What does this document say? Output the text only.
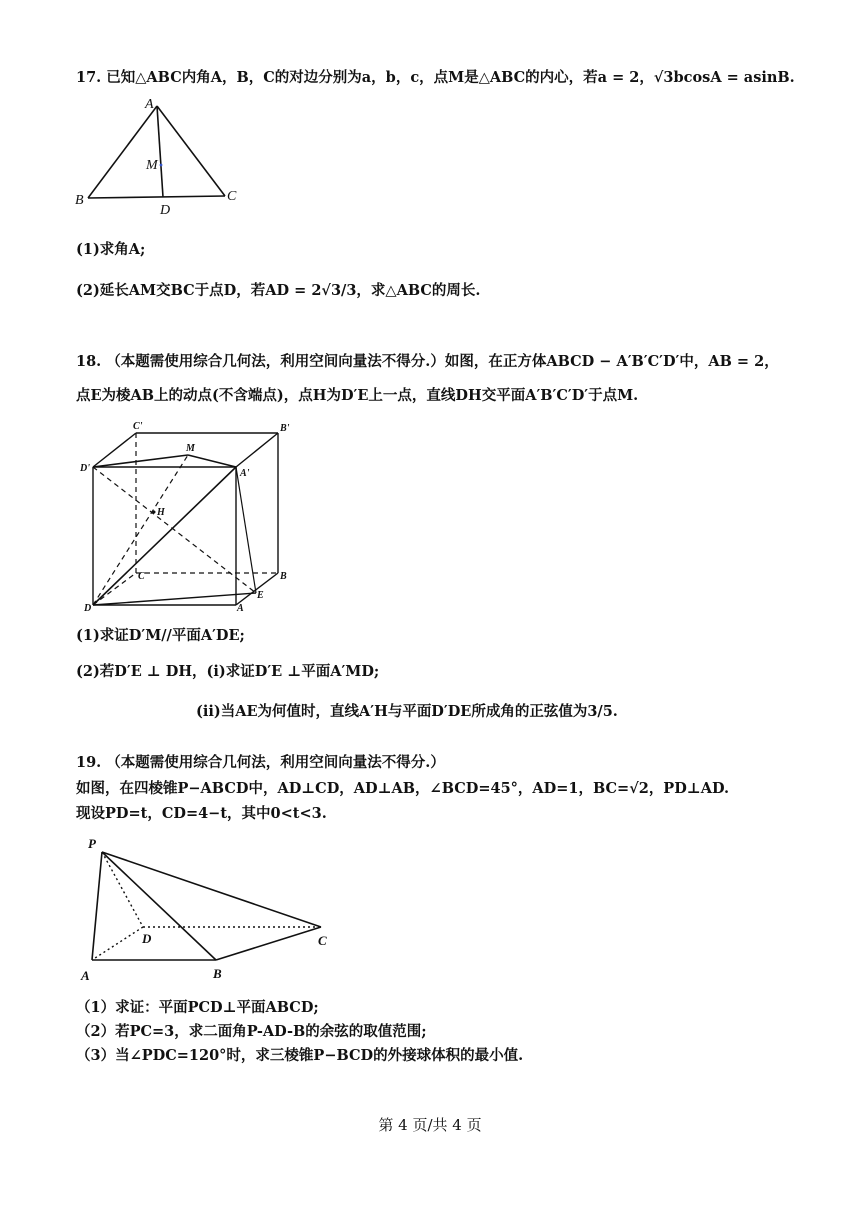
17. 已知△ABC内角A，B，C的对边分别为a，b，c，点M是△ABC的内心，若a = 2，√3bcosA = asinB.
A
M
B
D
C
(1)求角A;
(2)延长AM交BC于点D，若AD = 2√3/3，求△ABC的周长.
18. （本题需使用综合几何法，利用空间向量法不得分.）如图，在正方体ABCD − A′B′C′D′中，AB = 2，
点E为棱AB上的动点(不含端点)，点H为D′E上一点，直线DH交平面A′B′C′D′于点M.
C'	B'
M
D'	A'
H
C	B
E
D	A
(1)求证D′M//平面A′DE;
(2)若D′E ⊥ DH，(ⅰ)求证D′E ⊥平面A′MD;
(ⅱ)当AE为何值时，直线A′H与平面D′DE所成角的正弦值为3/5.
19. （本题需使用综合几何法，利用空间向量法不得分.）
如图，在四棱锥P−ABCD中，AD⊥CD，AD⊥AB，∠BCD=45°，AD=1，BC=√2，PD⊥AD.
现设PD=t，CD=4−t，其中0<t<3.
P
D	C
A	B
（1）求证：平面PCD⊥平面ABCD;
（2）若PC=3，求二面角P-AD-B的余弦的取值范围;
（3）当∠PDC=120°时，求三棱锥P−BCD的外接球体积的最小值.
第 4 页/共 4 页
